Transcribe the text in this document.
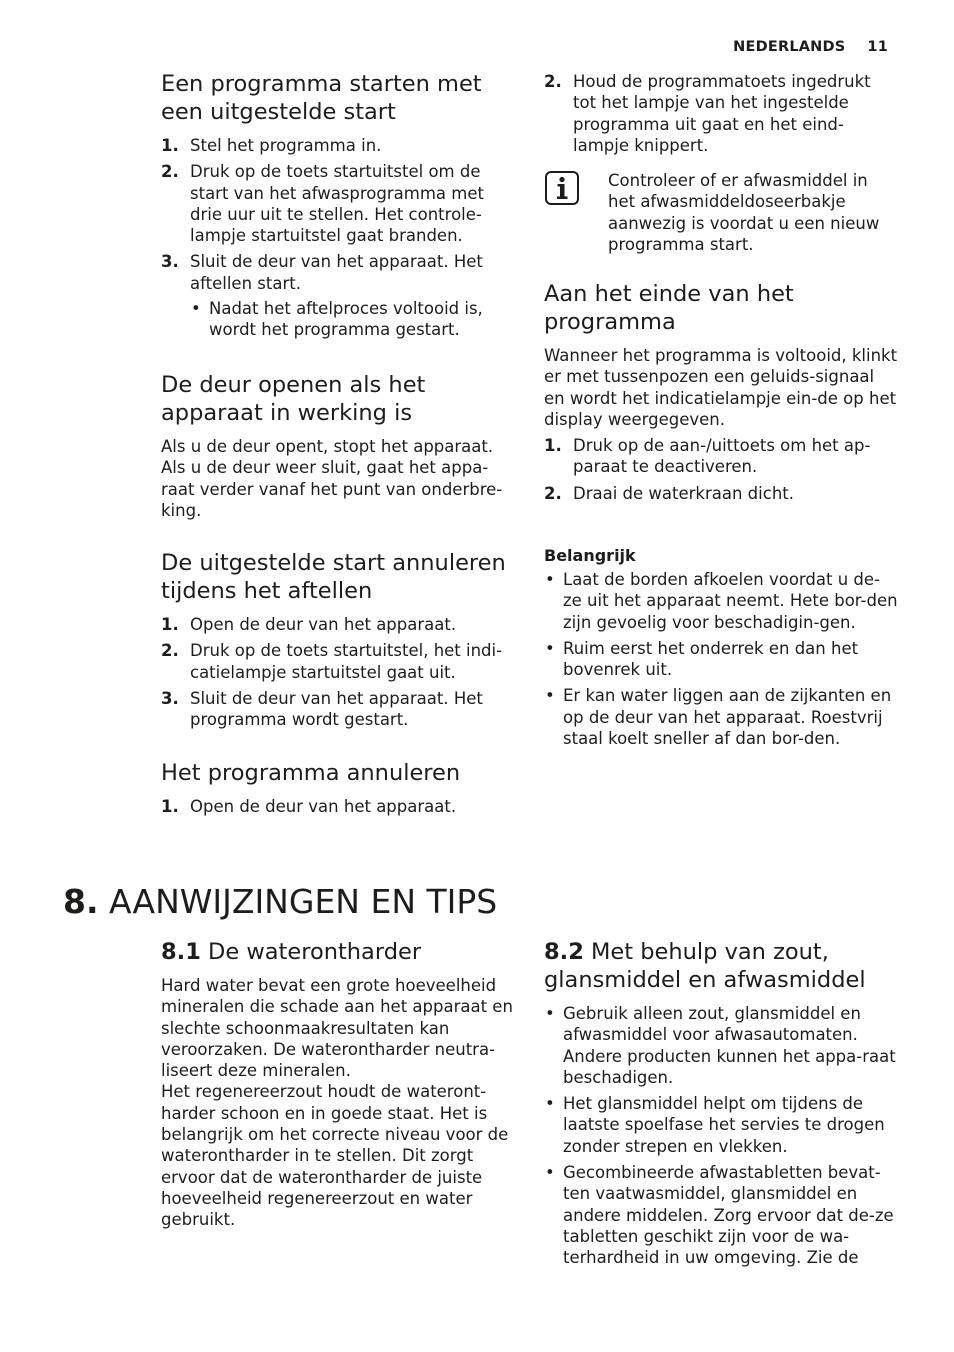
NEDERLANDS 11
Een programma starten met een uitgestelde start
1. Stel het programma in.
2. Druk op de toets startuitstel om de start van het afwasprogramma met drie uur uit te stellen. Het controle-lampje startuitstel gaat branden.
3. Sluit de deur van het apparaat. Het aftellen start.
• Nadat het aftelproces voltooid is, wordt het programma gestart.
De deur openen als het apparaat in werking is

Als u de deur opent, stopt het apparaat. Als u de deur weer sluit, gaat het appa-raat verder vanaf het punt van onderbre-king.

De uitgestelde start annuleren tijdens het aftellen
1. Open de deur van het apparaat.
2. Druk op de toets startuitstel, het indi-catielampje startuitstel gaat uit.
3. Sluit de deur van het apparaat. Het programma wordt gestart.
Het programma annuleren
1. Open de deur van het apparaat.
2. Houd de programmatoets ingedrukt tot het lampje van het ingestelde programma uit gaat en het eind-lampje knippert.

Controleer of er afwasmiddel in het afwasmiddeldoseerbakje aanwezig is voordat u een nieuw programma start.

Aan het einde van het programma

Wanneer het programma is voltooid, klinkt er met tussenpozen een geluids-signaal en wordt het indicatielampje ein-de op het display weergegeven.

1. Druk op de aan-/uittoets om het ap-paraat te deactiveren.
2. Draai de waterkraan dicht.
Belangrijk
• Laat de borden afkoelen voordat u de-ze uit het apparaat neemt. Hete bor-den zijn gevoelig voor beschadigin-gen.
• Ruim eerst het onderrek en dan het bovenrek uit.
• Er kan water liggen aan de zijkanten en op de deur van het apparaat. Roestvrij staal koelt sneller af dan bor-den.
8. AANWIJZINGEN EN TIPS
8.1 De waterontharder

Hard water bevat een grote hoeveelheid mineralen die schade aan het apparaat en slechte schoonmaakresultaten kan veroorzaken. De waterontharder neutra-liseert deze mineralen.

Het regenereerzout houdt de wateront-harder schoon en in goede staat. Het is belangrijk om het correcte niveau voor de waterontharder in te stellen. Dit zorgt ervoor dat de waterontharder de juiste hoeveelheid regenereerzout en water gebruikt.

8.2 Met behulp van zout, glansmiddel en afwasmiddel
• Gebruik alleen zout, glansmiddel en afwasmiddel voor afwasautomaten. Andere producten kunnen het appa-raat beschadigen.
• Het glansmiddel helpt om tijdens de laatste spoelfase het servies te drogen zonder strepen en vlekken.
• Gecombineerde afwastabletten bevat-ten vaatwasmiddel, glansmiddel en andere middelen. Zorg ervoor dat de-ze tabletten geschikt zijn voor de wa-terhardheid in uw omgeving. Zie de
